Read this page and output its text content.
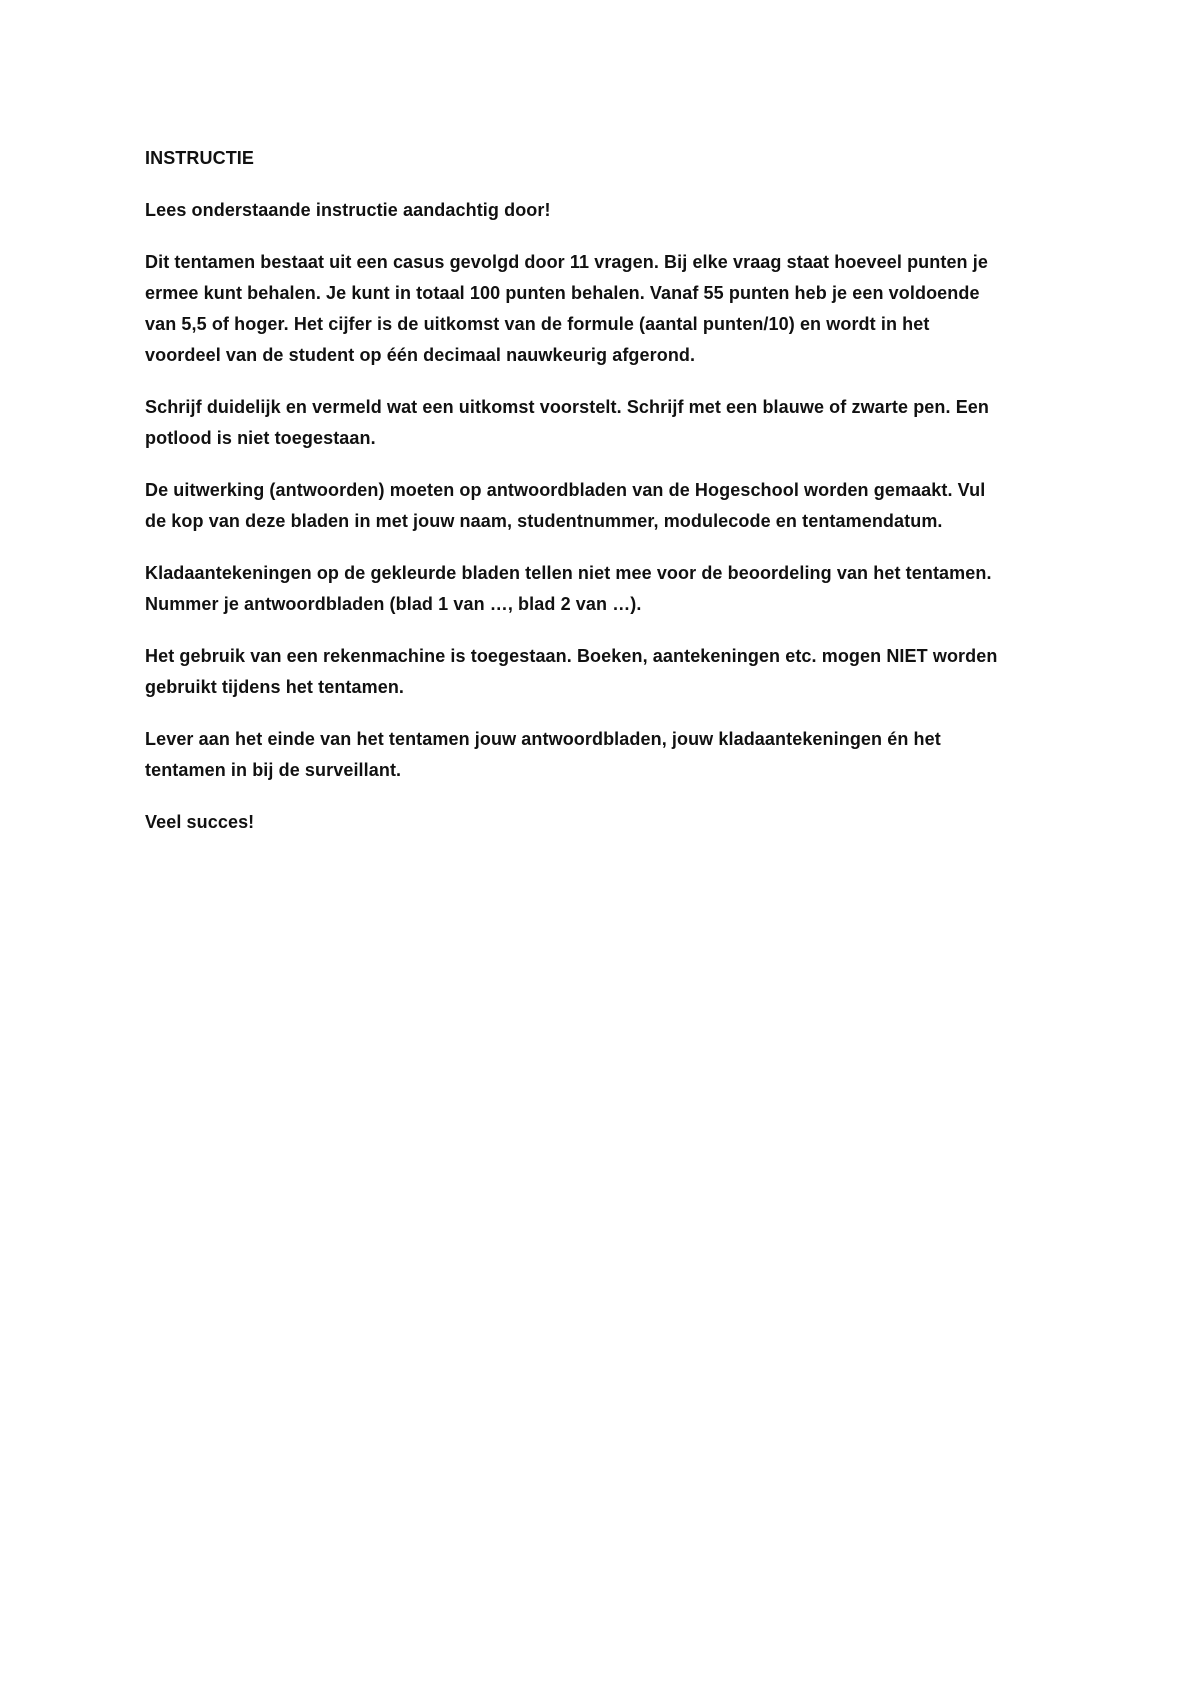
INSTRUCTIE

Lees onderstaande instructie aandachtig door!

Dit tentamen bestaat uit een casus gevolgd door 11 vragen. Bij elke vraag staat hoeveel punten je
ermee kunt behalen. Je kunt in totaal 100 punten behalen. Vanaf 55 punten heb je een voldoende
van 5,5 of hoger. Het cijfer is de uitkomst van de formule (aantal punten/10) en wordt in het
voordeel van de student op één decimaal nauwkeurig afgerond.

Schrijf duidelijk en vermeld wat een uitkomst voorstelt. Schrijf met een blauwe of zwarte pen. Een
potlood is niet toegestaan.

De uitwerking (antwoorden) moeten op antwoordbladen van de Hogeschool worden gemaakt. Vul
de kop van deze bladen in met jouw naam, studentnummer, modulecode en tentamendatum.

Kladaantekeningen op de gekleurde bladen tellen niet mee voor de beoordeling van het tentamen.
Nummer je antwoordbladen (blad 1 van …, blad 2 van …).

Het gebruik van een rekenmachine is toegestaan. Boeken, aantekeningen etc. mogen NIET worden
gebruikt tijdens het tentamen.

Lever aan het einde van het tentamen jouw antwoordbladen, jouw kladaantekeningen én het
tentamen in bij de surveillant.

Veel succes!
